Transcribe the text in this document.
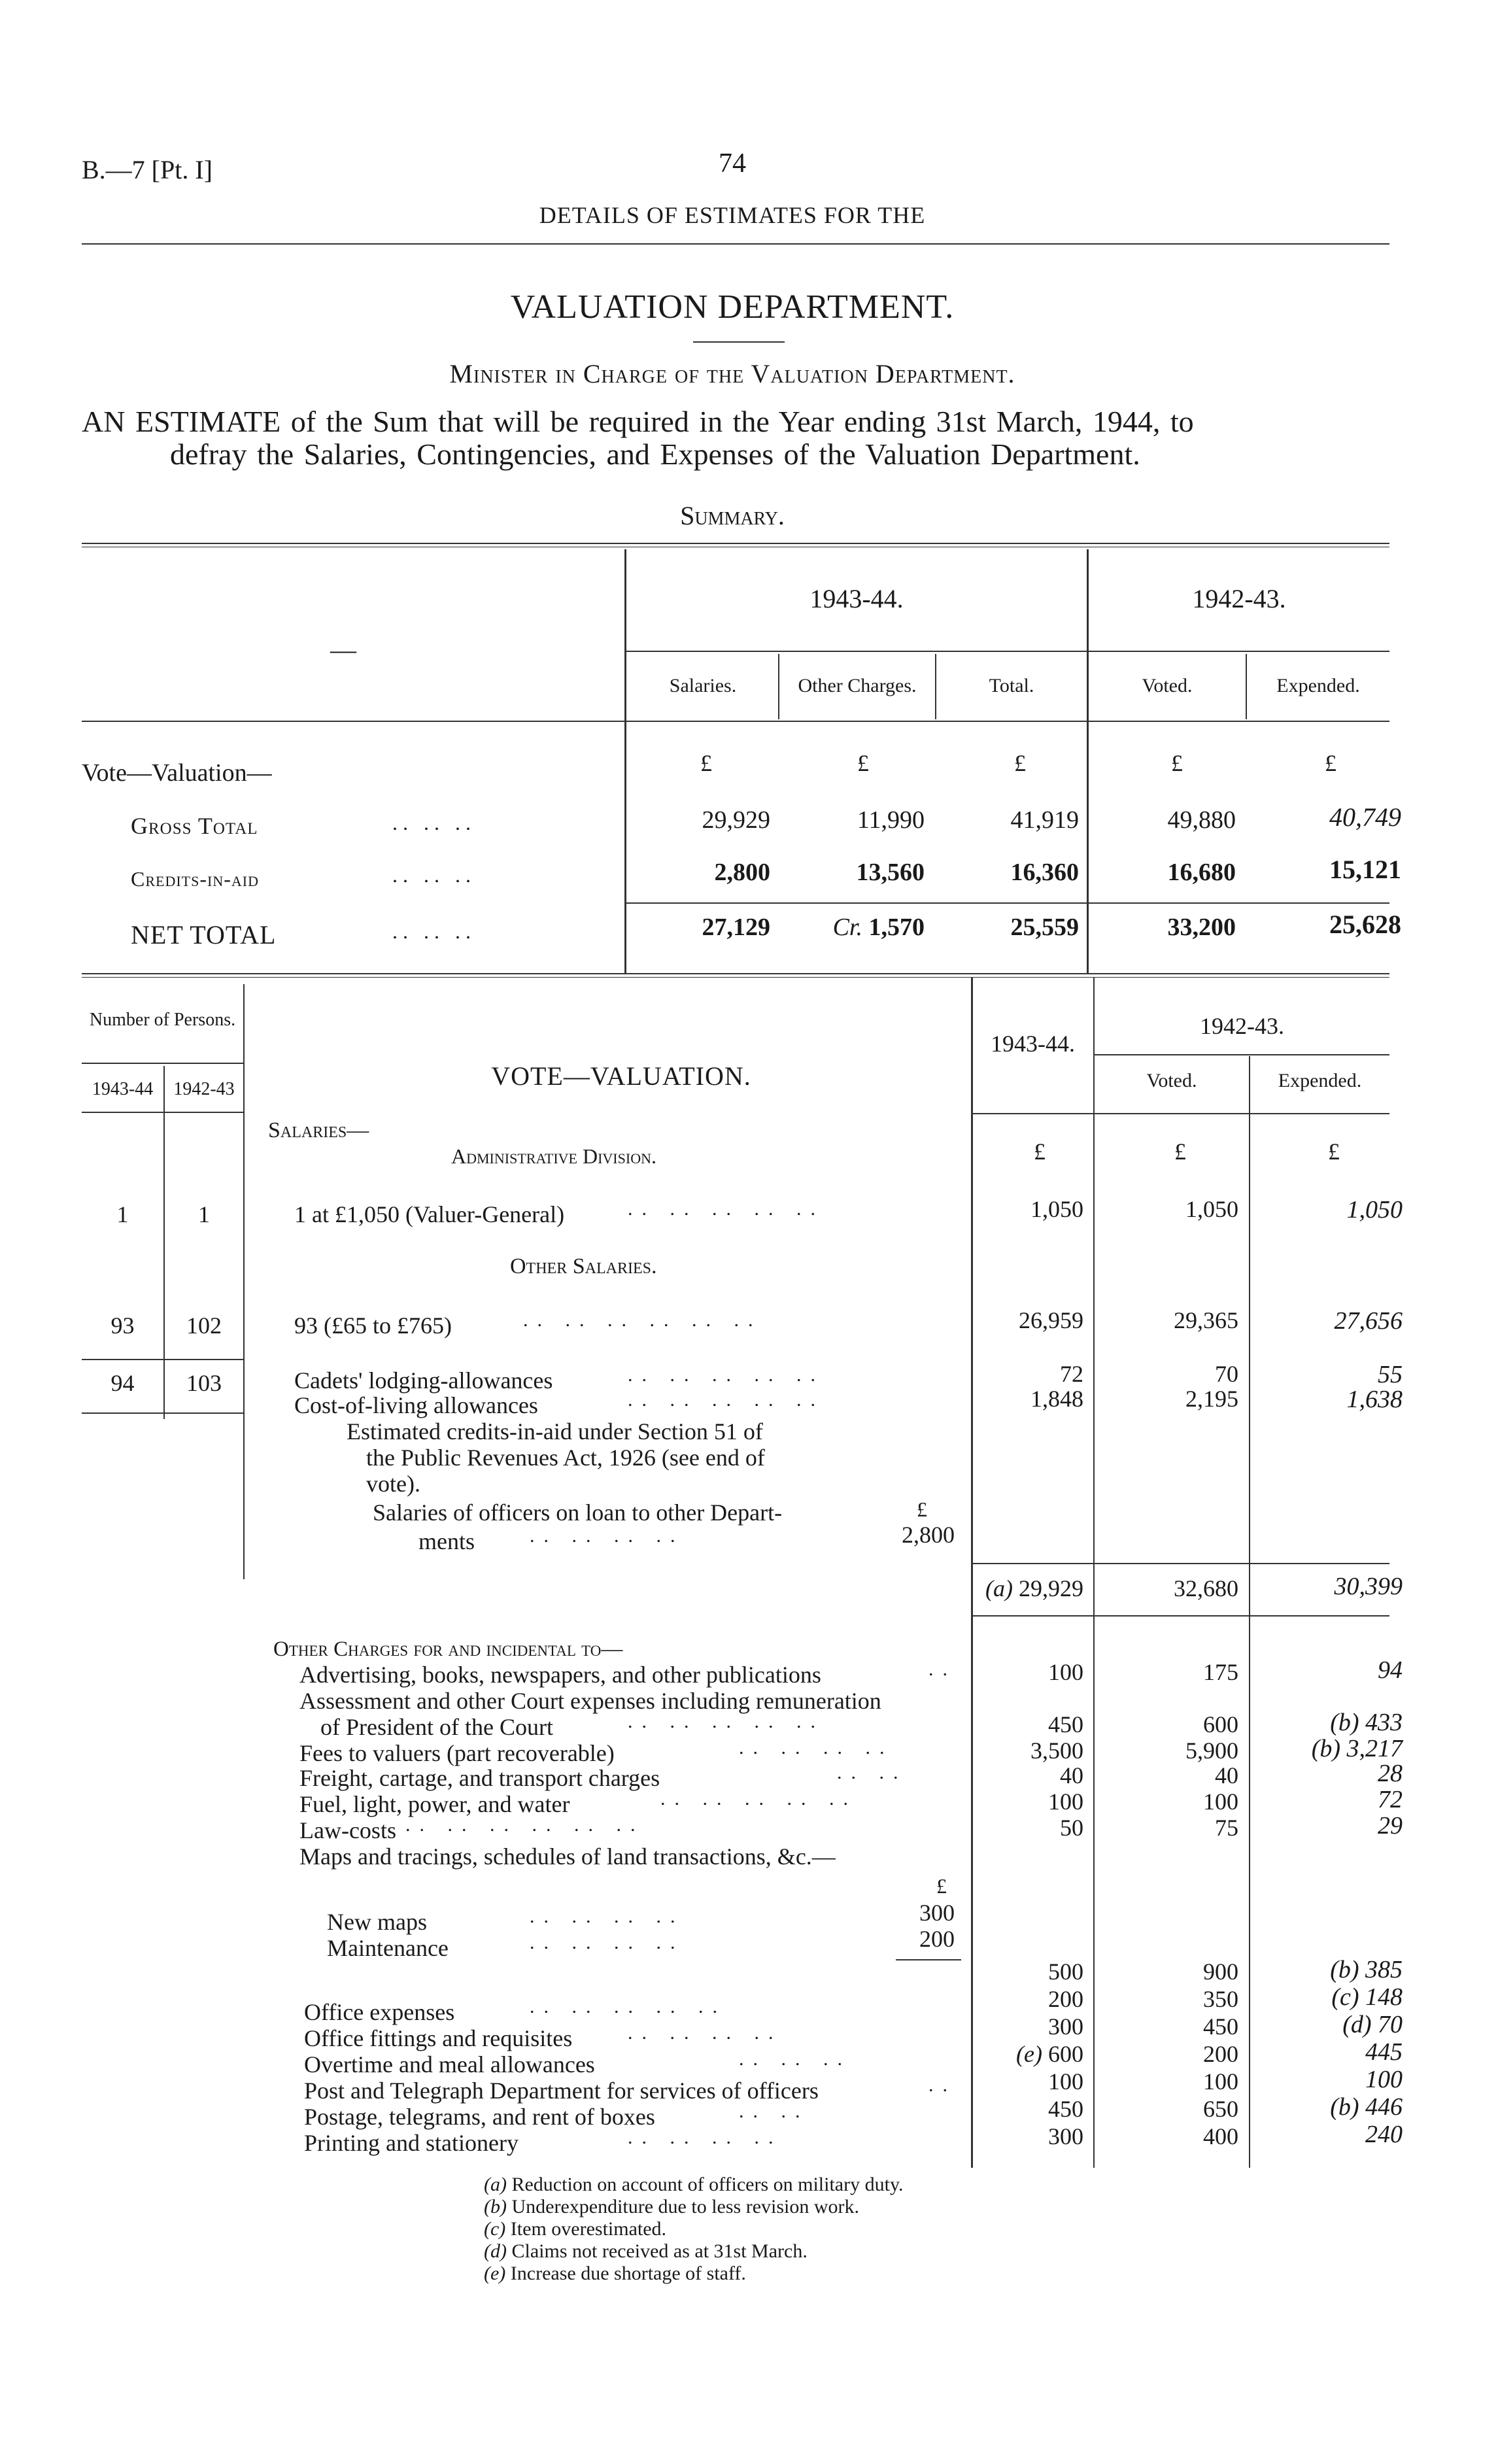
B.—7 [Pt. I]	74
DETAILS OF ESTIMATES FOR THE
VALUATION DEPARTMENT.
Minister in Charge of the Valuation Department.
AN ESTIMATE of the Sum that will be required in the Year ending 31st March, 1944, to
defray the Salaries, Contingencies, and Expenses of the Valuation Department.
Summary.
—
1943-44.	1942-43.
Salaries.	Other Charges.	Total.	Voted.	Expended.
Vote—Valuation—	£	£	£	£	£
Gross Total	.. .. ..	29,929	11,990	41,919	49,880	40,749
Credits-in-aid	.. .. ..	2,800	13,560	16,360	16,680	15,121
NET TOTAL	.. .. ..	27,129	Cr. 1,570	25,559	33,200	25,628
Number of Persons.
1943-44	1942-43	VOTE—VALUATION.
1943-44.
1942-43.
Voted.	Expended.
£	£	£
Salaries—
Administrative Division.
1	1	1 at £1,050 (Valuer-General)	.. .. .. .. ..	1,050	1,050	1,050
Other Salaries.
93	102	93 (£65 to £765)	.. .. .. .. .. ..	26,959	29,365	27,656
94	103	Cadets' lodging-allowances	.. .. .. .. ..	72	70	55
Cost-of-living allowances	.. .. .. .. ..	1,848	2,195	1,638
Estimated credits-in-aid under Section 51 of
the Public Revenues Act, 1926 (see end of
vote).
Salaries of officers on loan to other Depart-	£
ments	.. .. .. ..	2,800
(a) 29,929	32,680	30,399
Other Charges for and incidental to—
Advertising, books, newspapers, and other publications	..	100	175	94
Assessment and other Court expenses including remuneration
of President of the Court	.. .. .. .. ..	450	600	(b) 433
Fees to valuers (part recoverable)	.. .. .. ..	3,500	5,900	(b) 3,217
Freight, cartage, and transport charges	.. ..	40	40	28
Fuel, light, power, and water	.. .. .. .. ..	100	100	72
Law-costs .. .. .. .. .. ..	50	75	29
Maps and tracings, schedules of land transactions, &c.—
£
New maps	.. .. .. ..	300
Maintenance	.. .. .. ..	200
500	900	(b) 385
Office expenses	.. .. .. .. ..	200	350	(c) 148
Office fittings and requisites	.. .. .. ..	300	450	(d) 70
Overtime and meal allowances	.. .. ..	(e) 600	200	445
Post and Telegraph Department for services of officers	..	100	100	100
Postage, telegrams, and rent of boxes	.. ..	450	650	(b) 446
Printing and stationery	.. .. .. ..	300	400	240
(a) Reduction on account of officers on military duty.
(b) Underexpenditure due to less revision work.
(c) Item overestimated.
(d) Claims not received as at 31st March.
(e) Increase due shortage of staff.
